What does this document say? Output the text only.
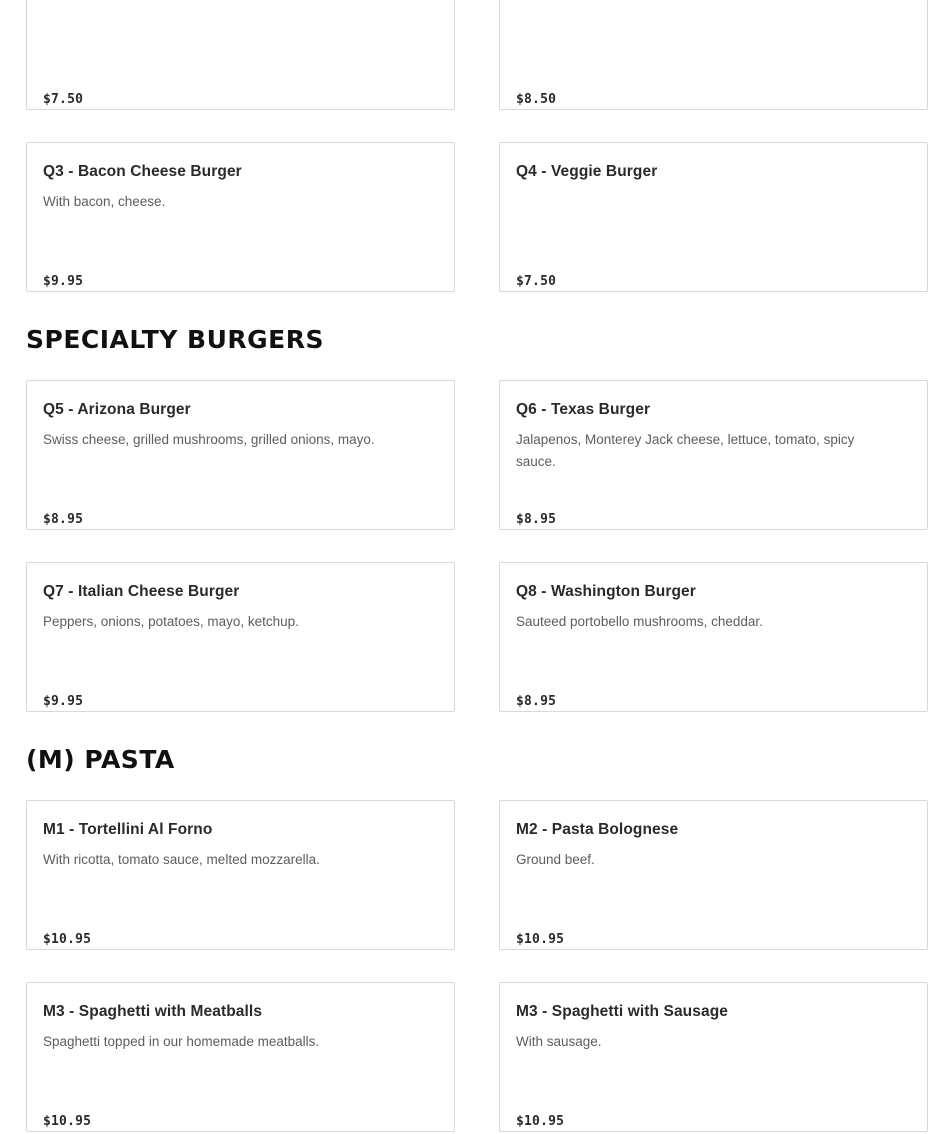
$7.50	$8.50
Q3 - Bacon Cheese Burger
With bacon, cheese.
$9.95
Q4 - Veggie Burger
$7.50
SPECIALTY BURGERS
Q5 - Arizona Burger
Swiss cheese, grilled mushrooms, grilled onions, mayo.
$8.95
Q6 - Texas Burger
Jalapenos, Monterey Jack cheese, lettuce, tomato, spicy sauce.
$8.95
Q7 - Italian Cheese Burger
Peppers, onions, potatoes, mayo, ketchup.
$9.95
Q8 - Washington Burger
Sauteed portobello mushrooms, cheddar.
$8.95
(M) PASTA
M1 - Tortellini Al Forno
With ricotta, tomato sauce, melted mozzarella.
$10.95
M2 - Pasta Bolognese
Ground beef.
$10.95
M3 - Spaghetti with Meatballs
Spaghetti topped in our homemade meatballs.
$10.95
M3 - Spaghetti with Sausage
With sausage.
$10.95
